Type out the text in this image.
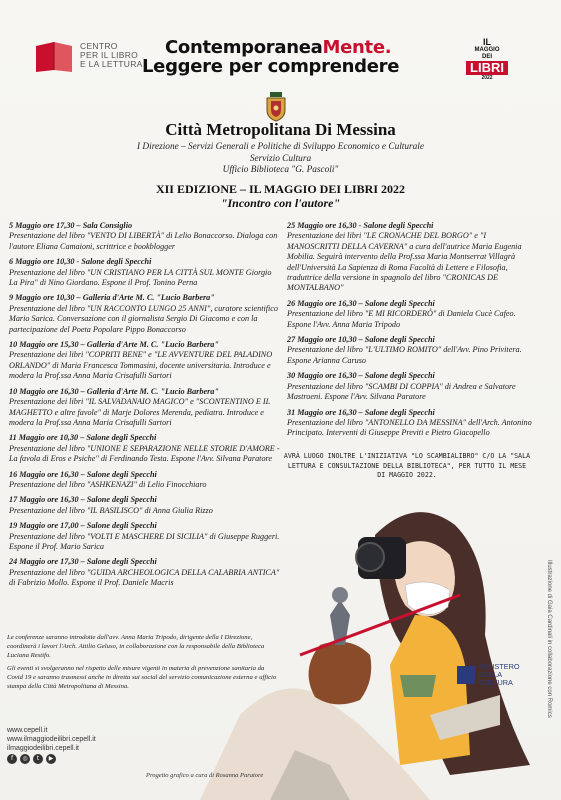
CENTRO
PER IL LIBRO
E LA LETTURA
ContemporaneaMente.
Leggere per comprendere
IL
MAGGIO
DEI
LIBRI
2022
Città Metropolitana Di Messina
I Direzione – Servizi Generali e Politiche di Sviluppo Economico e Culturale
Servizio Cultura
Ufficio Biblioteca "G. Pascoli"
XII EDIZIONE – IL MAGGIO DEI LIBRI 2022
"Incontro con l'autore"
5 Maggio ore 17,30 – Sala Consiglio
Presentazione del libro "VENTO DI LIBERTÀ" di Lelio Bonaccorso. Dialoga con l'autore Eliana Camaioni, scrittrice e bookblogger
6 Maggio ore 10,30 - Salone degli Specchi
Presentazione del libro "UN CRISTIANO PER LA CITTÀ SUL MONTE Giorgio La Pira" di Nino Giordano. Espone il Prof. Tonino Perna
9 Maggio ore 10,30 – Galleria d'Arte M. C. "Lucio Barbera"
Presentazione del libro "UN RACCONTO LUNGO 25 ANNI", curatore scientifico Mario Sarica. Conversazione con il giornalista Sergio Di Giacomo e con la partecipazione del Poeta Popolare Pippo Bonaccorso
10 Maggio ore 15,30 – Galleria d'Arte M. C. "Lucio Barbera"
Presentazione dei libri "COPRITI BENE" e "LE AVVENTURE DEL PALADINO ORLANDO" di Maria Francesca Tommasini, docente universitaria. Introduce e modera la Prof.ssa Anna Maria Crisafulli Sartori
10 Maggio ore 16,30 – Galleria d'Arte M. C. "Lucio Barbera"
Presentazione dei libri "IL SALVADANAIO MAGICO" e "SCONTENTINO E IL MAGHETTO e altre favole" di Marje Dolores Merenda, pediatra. Introduce e modera la Prof.ssa Anna Maria Crisafulli Sartori
11 Maggio ore 10,30 – Salone degli Specchi
Presentazione del libro "UNIONE E SEPARAZIONE NELLE STORIE D'AMORE - La favola di Eros e Psiche" di Ferdinando Testa. Espone l'Avv. Silvana Paratore
16 Maggio ore 16,30 – Salone degli Specchi
Presentazione del libro "ASHKENAZI" di Lelio Finocchiaro
17 Maggio ore 16,30 – Salone degli Specchi
Presentazione del libro "IL BASILISCO" di Anna Giulia Rizzo
19 Maggio ore 17,00 – Salone degli Specchi
Presentazione del libro "VOLTI E MASCHERE DI SICILIA" di Giuseppe Ruggeri. Espone il Prof. Mario Sarica
24 Maggio ore 17,30 – Salone degli Specchi
Presentazione del libro "GUIDA ARCHEOLOGICA DELLA CALABRIA ANTICA" di Fabrizio Mollo. Espone il Prof. Daniele Macris
25 Maggio ore 16,30 - Salone degli Specchi
Presentazione dei libri "LE CRONACHE DEL BORGO" e "I MANOSCRITTI DELLA CAVERNA" a cura dell'autrice Maria Eugenia Mobilia. Seguirà intervento della Prof.ssa Maria Montserrat Villagrà dell'Università La Sapienza di Roma Facoltà di Lettere e Filosofia, traduttrice della versione in spagnolo del libro "CRONICAS DE MONTALBANO"
26 Maggio ore 16,30 – Salone degli Specchi
Presentazione del libro "E MI RICORDERÒ" di Daniela Cucè Cafeo. Espone l'Avv. Anna Maria Tripodo
27 Maggio ore 10,30 – Salone degli Specchi
Presentazione del libro "L'ULTIMO ROMITO" dell'Avv. Pino Privitera. Espone Arianna Caruso
30 Maggio ore 16,30 – Salone degli Specchi
Presentazione del libro "SCAMBI DI COPPIA" di Andrea e Salvatore Mastroeni. Espone l'Avv. Silvana Paratore
31 Maggio ore 16,30 – Salone degli Specchi
Presentazione del libro "ANTONELLO DA MESSINA" dell'Arch. Antonino Principato. Interventi di Giuseppe Previti e Pietro Giacopello
AVRÀ LUOGO INOLTRE L'INIZIATIVA "LO SCAMBIALIBRO" C/O LA "SALA LETTURA E CONSULTAZIONE DELLA BIBLIOTECA", PER TUTTO IL MESE DI MAGGIO 2022.
Illustrazione di Gaia Cardinali in collaborazione con Romics
MINISTERO
DELLA
CULTURA

Le conferenze saranno introdotte dall'avv. Anna Maria Tripodo, dirigente della I Direzione, coordinerà i lavori l'Arch. Attilio Geluso, in collaborazione con la responsabile della Biblioteca Luciana Restifo.

Gli eventi si svolgeranno nel rispetto delle misure vigenti in materia di prevenzione sanitaria da Covid 19 e saranno trasmessi anche in diretta sui social del servizio comunicazione esterna e ufficio stampa della Città Metropolitana di Messina.

www.cepell.it
www.ilmaggiodeilibri.cepell.it
ilmaggiodeilibri.cepell.it
f	◎	t	▶
Progetto grafico a cura di Rosanna Paratore
